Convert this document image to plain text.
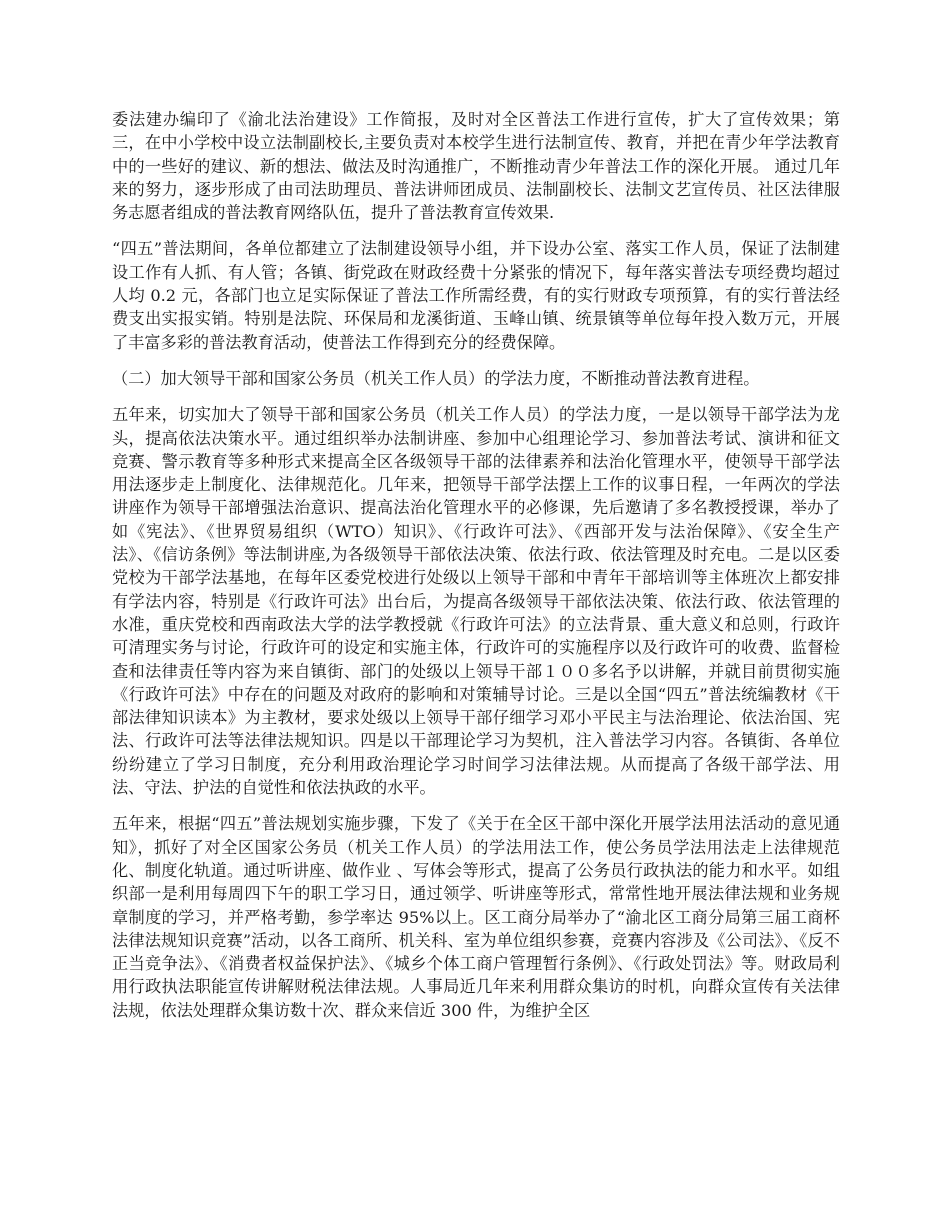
委法建办编印了《渝北法治建设》工作简报，及时对全区普法工作进行宣传，扩大了宣传效果；第三，在中小学校中设立法制副校长,主要负责对本校学生进行法制宣传、教育，并把在青少年学法教育中的一些好的建议、新的想法、做法及时沟通推广，不断推动青少年普法工作的深化开展。 通过几年来的努力，逐步形成了由司法助理员、普法讲师团成员、法制副校长、法制文艺宣传员、社区法律服务志愿者组成的普法教育网络队伍，提升了普法教育宣传效果.

“四五”普法期间，各单位都建立了法制建设领导小组，并下设办公室、落实工作人员，保证了法制建设工作有人抓、有人管；各镇、街党政在财政经费十分紧张的情况下，每年落实普法专项经费均超过人均 0.2 元，各部门也立足实际保证了普法工作所需经费，有的实行财政专项预算，有的实行普法经费支出实报实销。特别是法院、环保局和龙溪街道、玉峰山镇、统景镇等单位每年投入数万元，开展了丰富多彩的普法教育活动，使普法工作得到充分的经费保障。

（二）加大领导干部和国家公务员（机关工作人员）的学法力度，不断推动普法教育进程。

五年来，切实加大了领导干部和国家公务员（机关工作人员）的学法力度，一是以领导干部学法为龙头，提高依法决策水平。通过组织举办法制讲座、参加中心组理论学习、参加普法考试、演讲和征文竞赛、警示教育等多种形式来提高全区各级领导干部的法律素养和法治化管理水平，使领导干部学法用法逐步走上制度化、法律规范化。几年来，把领导干部学法摆上工作的议事日程，一年两次的学法讲座作为领导干部增强法治意识、提高法治化管理水平的必修课，先后邀请了多名教授授课，举办了如《宪法》、《世界贸易组织（WTO）知识》、《行政许可法》、《西部开发与法治保障》、《安全生产法》、《信访条例》等法制讲座,为各级领导干部依法决策、依法行政、依法管理及时充电。二是以区委党校为干部学法基地，在每年区委党校进行处级以上领导干部和中青年干部培训等主体班次上都安排有学法内容，特别是《行政许可法》出台后，为提高各级领导干部依法决策、依法行政、依法管理的水准，重庆党校和西南政法大学的法学教授就《行政许可法》的立法背景、重大意义和总则，行政许可清理实务与讨论，行政许可的设定和实施主体，行政许可的实施程序以及行政许可的收费、监督检查和法律责任等内容为来自镇街、部门的处级以上领导干部１００多名予以讲解，并就目前贯彻实施《行政许可法》中存在的问题及对政府的影响和对策辅导讨论。三是以全国“四五”普法统编教材《干部法律知识读本》为主教材，要求处级以上领导干部仔细学习邓小平民主与法治理论、依法治国、宪法、行政许可法等法律法规知识。四是以干部理论学习为契机，注入普法学习内容。各镇街、各单位纷纷建立了学习日制度，充分利用政治理论学习时间学习法律法规。从而提高了各级干部学法、用法、守法、护法的自觉性和依法执政的水平。

五年来，根据“四五”普法规划实施步骤，下发了《关于在全区干部中深化开展学法用法活动的意见通知》，抓好了对全区国家公务员（机关工作人员）的学法用法工作，使公务员学法用法走上法律规范化、制度化轨道。通过听讲座、做作业 、写体会等形式，提高了公务员行政执法的能力和水平。如组织部一是利用每周四下午的职工学习日，通过领学、听讲座等形式，常常性地开展法律法规和业务规章制度的学习，并严格考勤，参学率达 95%以上。区工商分局举办了“渝北区工商分局第三届工商杯法律法规知识竞赛”活动，以各工商所、机关科、室为单位组织参赛，竞赛内容涉及《公司法》、《反不正当竞争法》、《消费者权益保护法》、《城乡个体工商户管理暂行条例》、《行政处罚法》等。财政局利用行政执法职能宣传讲解财税法律法规。人事局近几年来利用群众集访的时机，向群众宣传有关法律法规，依法处理群众集访数十次、群众来信近 300 件，为维护全区
